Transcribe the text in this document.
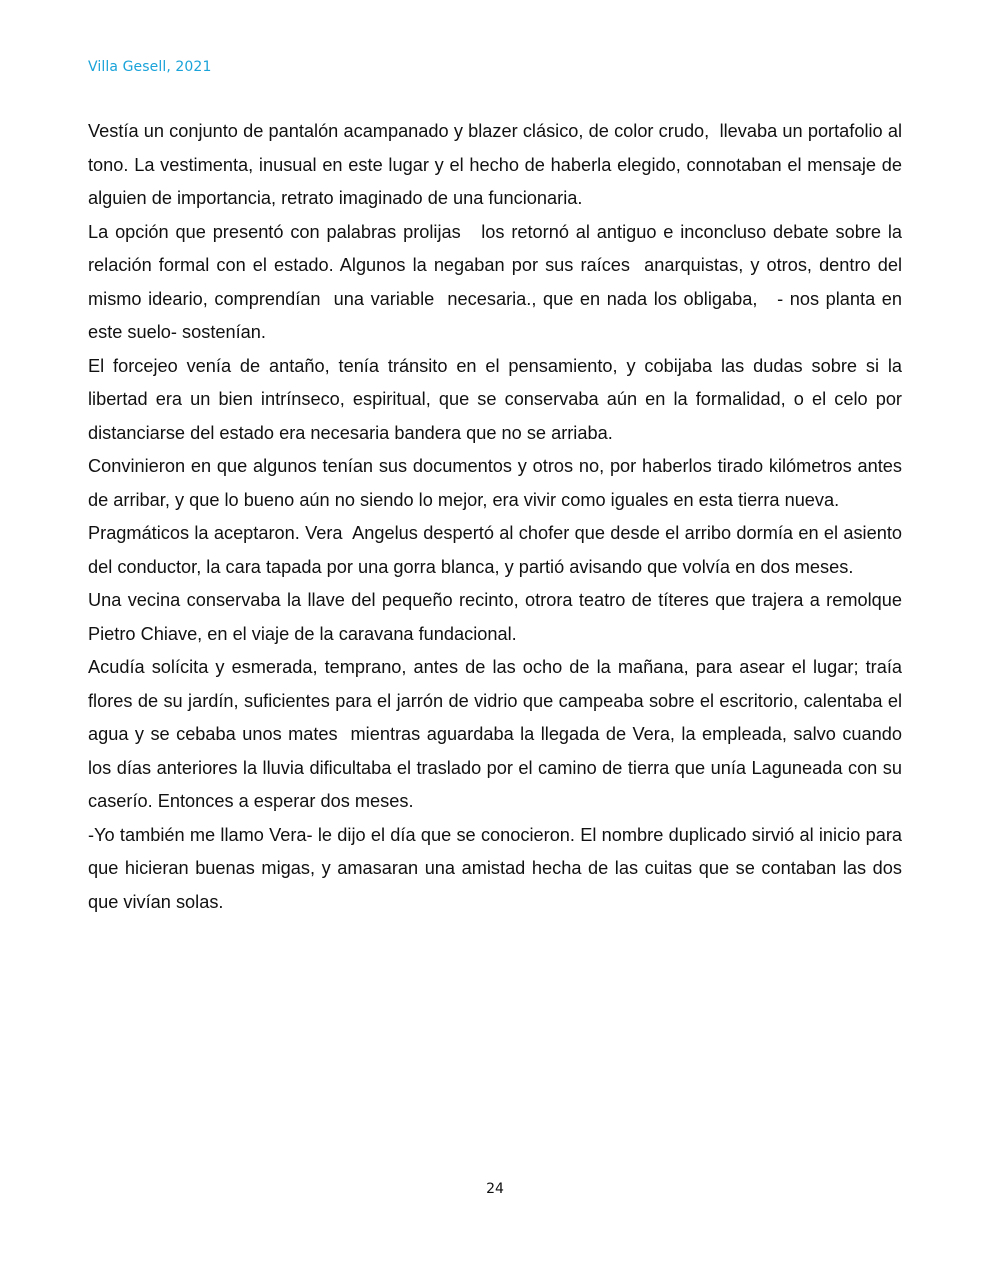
Villa Gesell, 2021

Vestía un conjunto de pantalón acampanado y blazer clásico, de color crudo,  llevaba un portafolio al tono. La vestimenta, inusual en este lugar y el hecho de haberla elegido, connotaban el mensaje de alguien de importancia, retrato imaginado de una funcionaria.

La opción que presentó con palabras prolijas   los retornó al antiguo e inconcluso debate sobre la relación formal con el estado. Algunos la negaban por sus raíces  anarquistas, y otros, dentro del mismo ideario, comprendían  una variable  necesaria., que en nada los obligaba,   - nos planta en este suelo- sostenían.

El forcejeo venía de antaño, tenía tránsito en el pensamiento, y cobijaba las dudas sobre si la libertad era un bien intrínseco, espiritual, que se conservaba aún en la formalidad, o el celo por distanciarse del estado era necesaria bandera que no se arriaba.

Convinieron en que algunos tenían sus documentos y otros no, por haberlos tirado kilómetros antes  de arribar, y que lo bueno aún no siendo lo mejor, era vivir como iguales en esta tierra nueva.

Pragmáticos la aceptaron. Vera  Angelus despertó al chofer que desde el arribo dormía en el asiento del conductor, la cara tapada por una gorra blanca, y partió avisando que volvía en dos meses.

Una vecina conservaba la llave del pequeño recinto, otrora teatro de títeres que trajera a remolque Pietro Chiave, en el viaje de la caravana fundacional.

Acudía solícita y esmerada, temprano, antes de las ocho de la mañana, para asear el lugar; traía flores de su jardín, suficientes para el jarrón de vidrio que campeaba sobre el escritorio, calentaba el agua y se cebaba unos mates  mientras aguardaba la llegada de Vera, la empleada, salvo cuando  los días anteriores la lluvia dificultaba el traslado por el camino de tierra que unía Laguneada con su caserío. Entonces a esperar dos meses.

-Yo también me llamo Vera- le dijo el día que se conocieron. El nombre duplicado sirvió al inicio para que hicieran buenas migas, y amasaran una amistad hecha de las cuitas que se contaban las dos que vivían solas.

24
